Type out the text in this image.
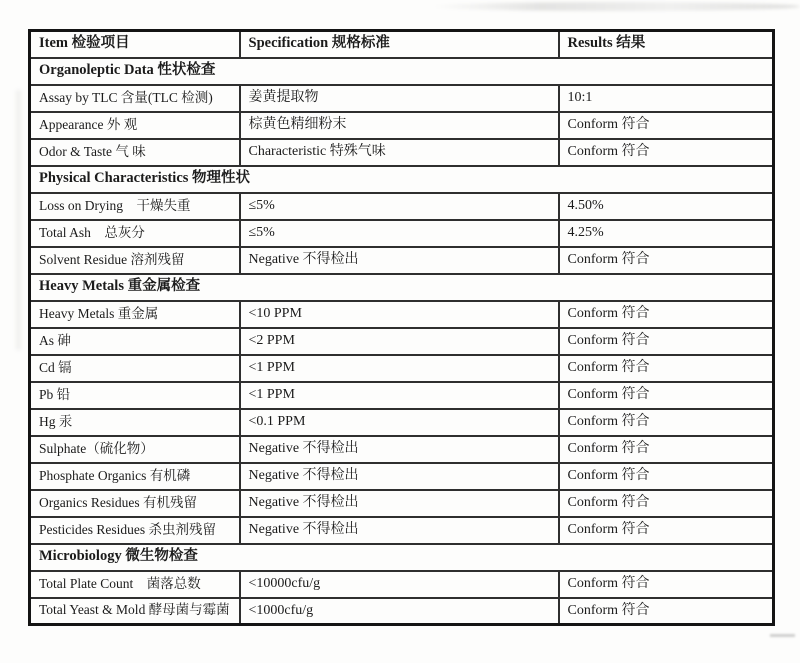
Item 检验项目	Specification 规格标准	Results 结果
Organoleptic Data 性状检查		
Assay by TLC 含量(TLC 检测)	姜黄提取物	10:1
Appearance 外 观	棕黄色精细粉末	Conform 符合
Odor & Taste 气 味	Characteristic 特殊气味	Conform 符合
Physical Characteristics 物理性状		
Loss on Drying    干燥失重	≤5%	4.50%
Total Ash    总灰分	≤5%	4.25%
Solvent Residue 溶剂残留	Negative 不得检出	Conform 符合
Heavy Metals 重金属检查		
Heavy Metals 重金属	<10 PPM	Conform 符合
As 砷	<2 PPM	Conform 符合
Cd 镉	<1 PPM	Conform 符合
Pb 铅	<1 PPM	Conform 符合
Hg 汞	<0.1 PPM	Conform 符合
Sulphate（硫化物）	Negative 不得检出	Conform 符合
Phosphate Organics 有机磷	Negative 不得检出	Conform 符合
Organics Residues 有机残留	Negative 不得检出	Conform 符合
Pesticides Residues 杀虫剂残留	Negative 不得检出	Conform 符合
Microbiology 微生物检查		
Total Plate Count    菌落总数	<10000cfu/g	Conform 符合
Total Yeast & Mold 酵母菌与霉菌	<1000cfu/g	Conform 符合
